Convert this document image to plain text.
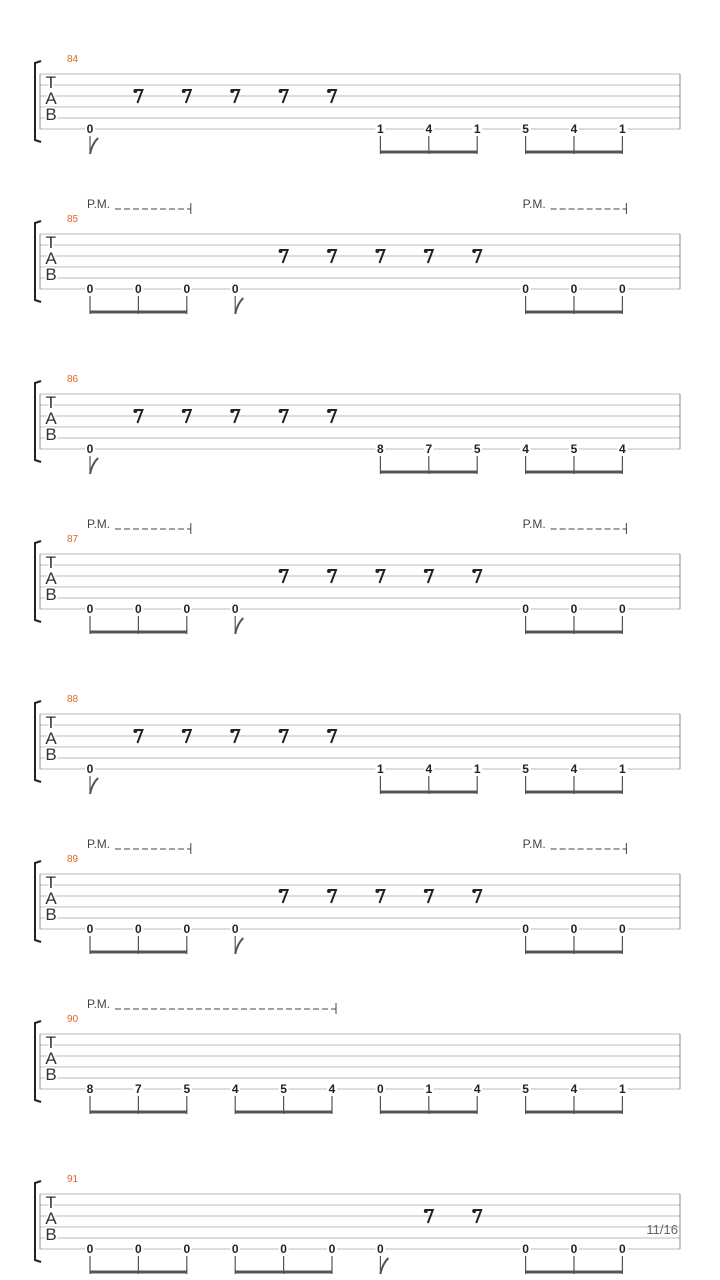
84
T
A
B
0	1	4	1	5	4	1
85
T
A
B
P.M.	P.M.
0	0	0	0	0	0	0
86
T
A
B
0	8	7	5	4	5	4
87
T
A
B
P.M.	P.M.
0	0	0	0	0	0	0
88
T
A
B
0	1	4	1	5	4	1
89
T
A
B
P.M.	P.M.
0	0	0	0	0	0	0
90
T
A
B
P.M.
8	7	5	4	5	4	0	1	4	5	4	1
91
T
A
B
0	0	0	0	0	0	0	0	0	0
11/16
